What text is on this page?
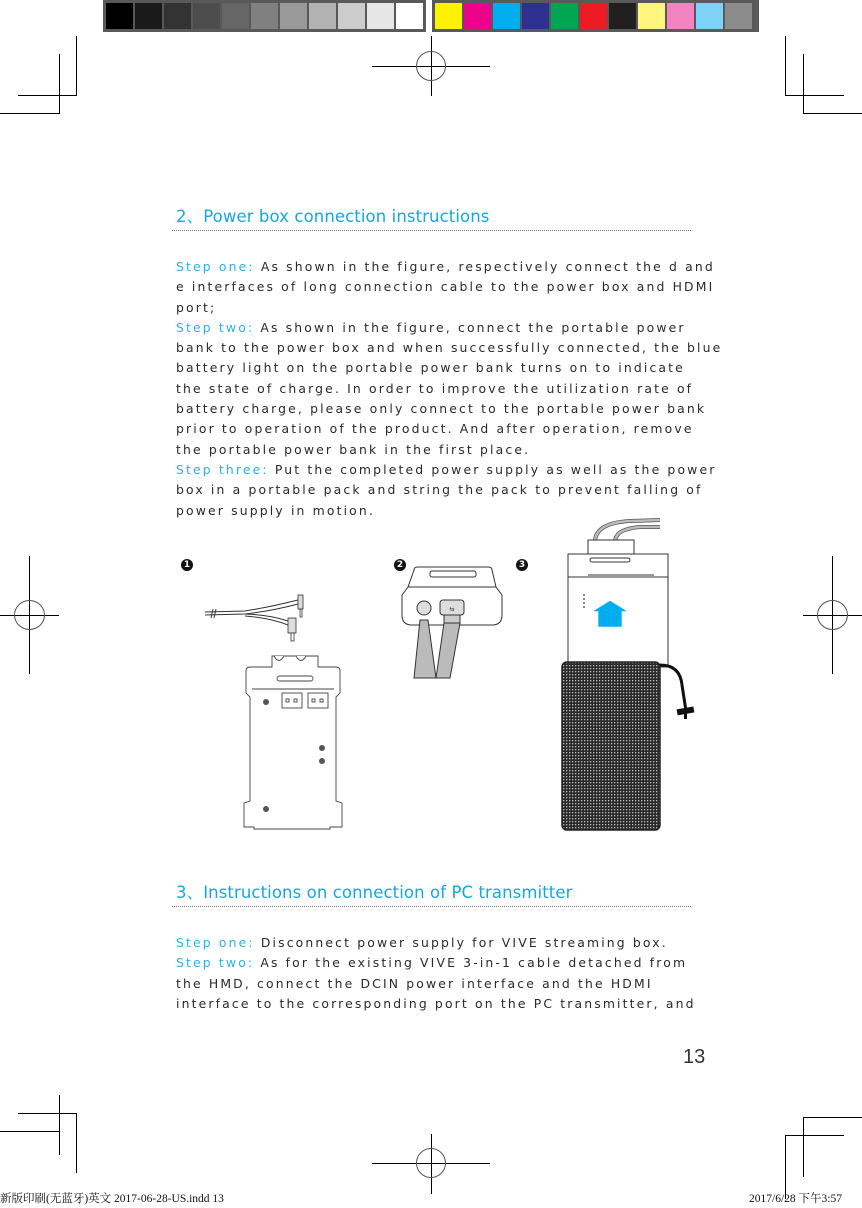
2、Power box connection instructions
Step one: As shown in the figure, respectively connect the d and
e interfaces of long connection cable to the power box and HDMI
port;
Step two: As shown in the figure, connect the portable power
bank to the power box and when successfully connected, the blue
battery light on the portable power bank turns on to indicate
the state of charge. In order to improve the utilization rate of
battery charge, please only connect to the portable power bank
prior to operation of the product. And after operation, remove
the portable power bank in the first place.
Step three: Put the completed power supply as well as the power
box in a portable pack and string the pack to prevent falling of
power supply in motion.
1	2	3
⇆
3、Instructions on connection of PC transmitter
Step one: Disconnect power supply for VIVE streaming box.
Step two: As for the existing VIVE 3-in-1 cable detached from
the HMD, connect the DCIN power interface and the HDMI
interface to the corresponding port on the PC transmitter, and
13
新版印刷(无蓝牙)英文 2017-06-28-US.indd 13	2017/6/28 下午3:57
